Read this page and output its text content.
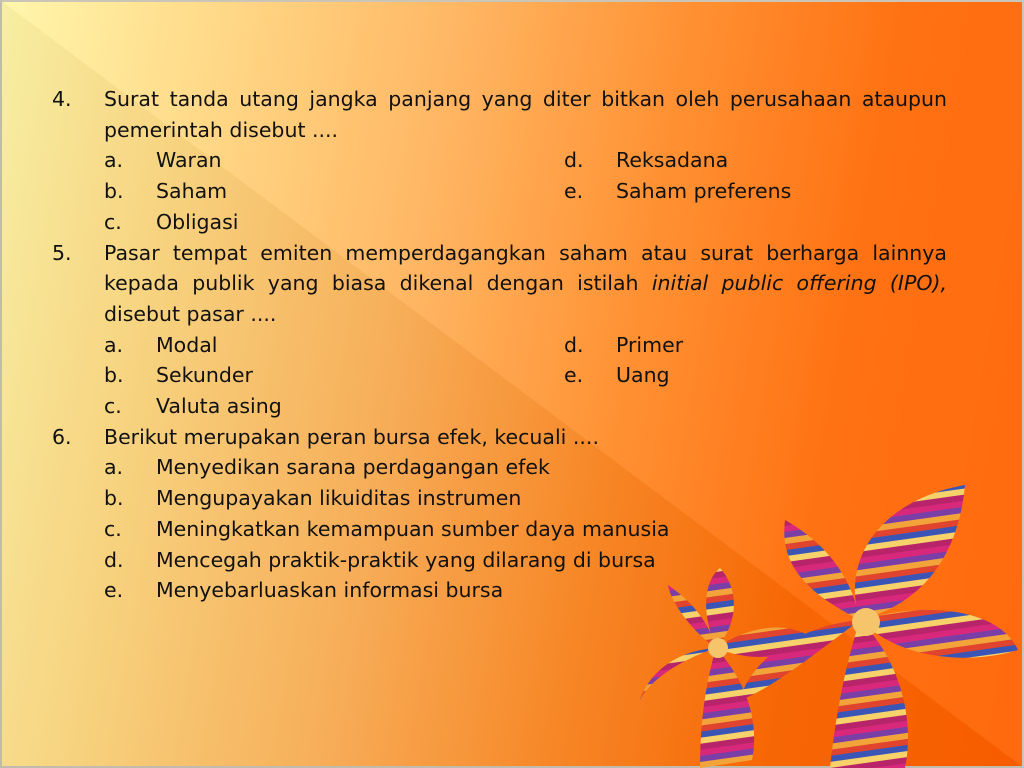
4.	Surat tanda utang jangka panjang yang diter bitkan oleh perusahaan ataupun pemerintah disebut ....
a.	Waran	d.	Reksadana
b.	Saham	e.	Saham preferens
c.	Obligasi
5.	Pasar tempat emiten memperdagangkan saham atau surat berharga lainnya kepada publik yang biasa dikenal dengan istilah initial public offering (IPO), disebut pasar ....
a.	Modal	d.	Primer
b.	Sekunder	e.	Uang
c.	Valuta asing
6.	Berikut merupakan peran bursa efek, kecuali ....
a.	Menyedikan sarana perdagangan efek
b.	Mengupayakan likuiditas instrumen
c.	Meningkatkan kemampuan sumber daya manusia
d.	Mencegah praktik-praktik yang dilarang di bursa
e.	Menyebarluaskan informasi bursa
